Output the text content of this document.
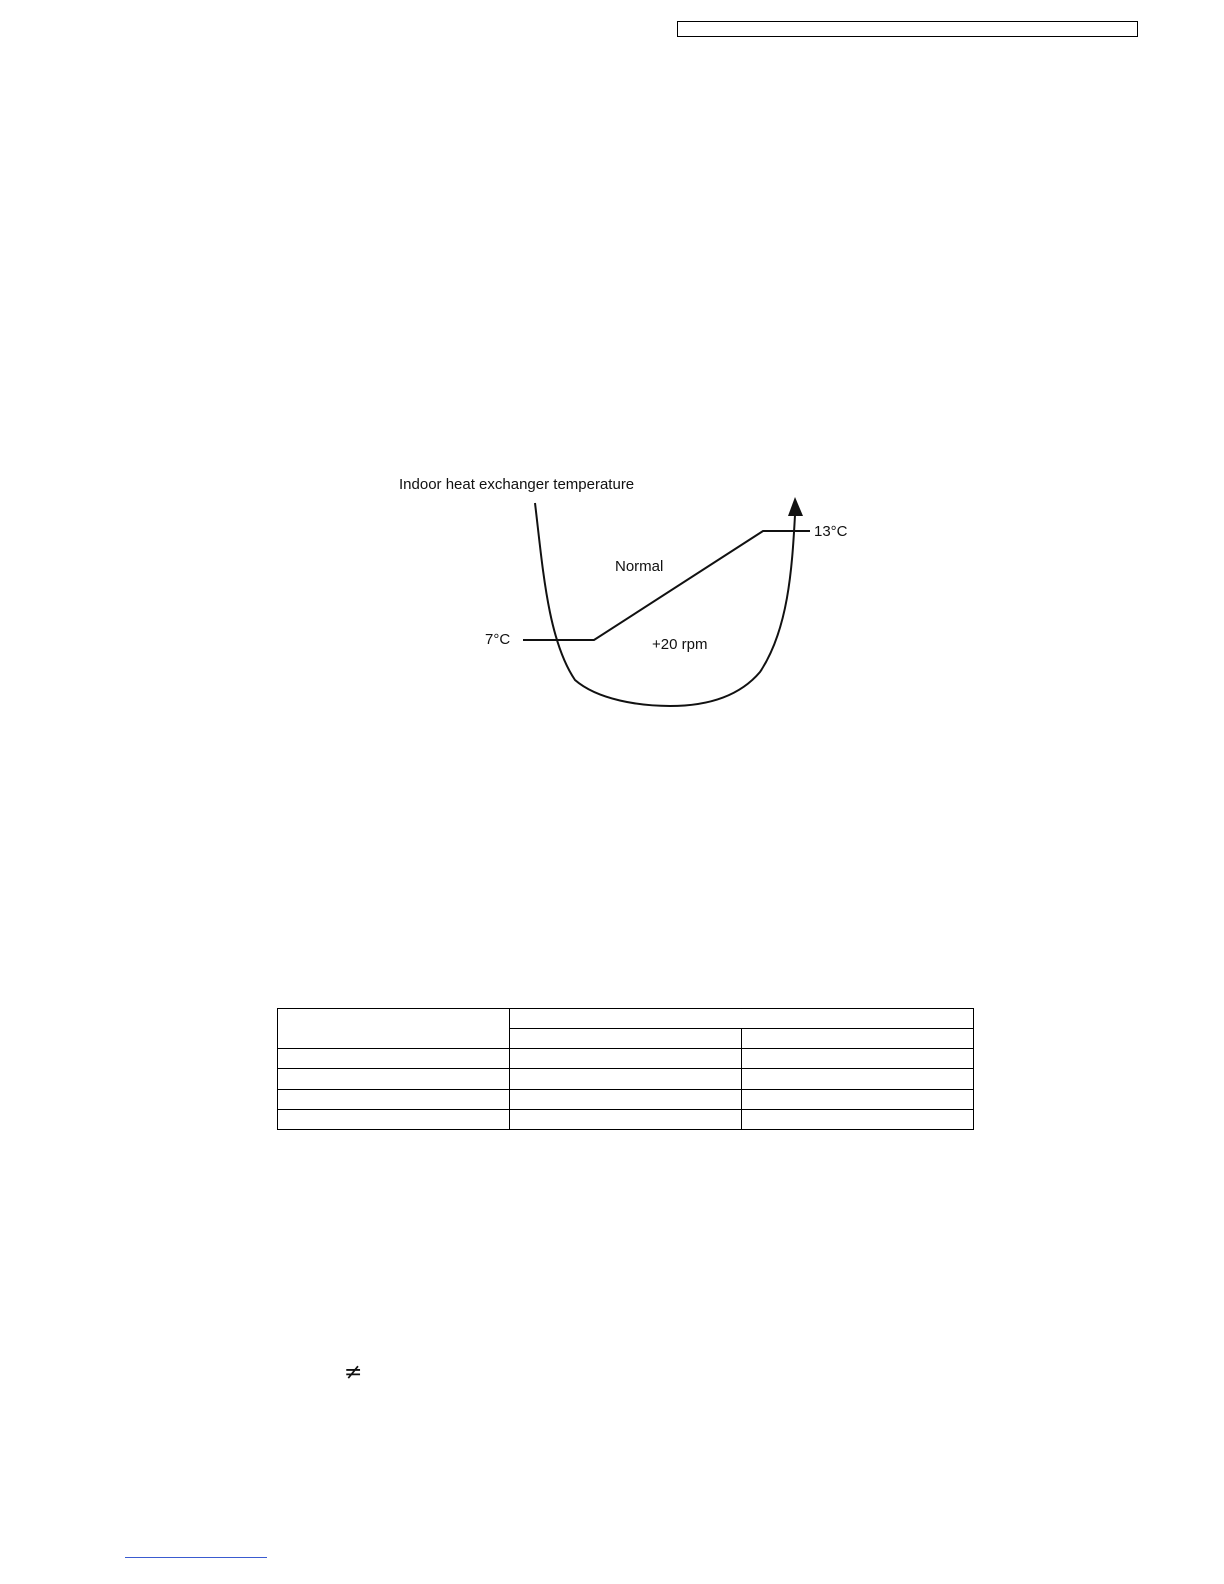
Indoor heat exchanger temperature
Normal
+20 rpm
7°C
13°C

≠
